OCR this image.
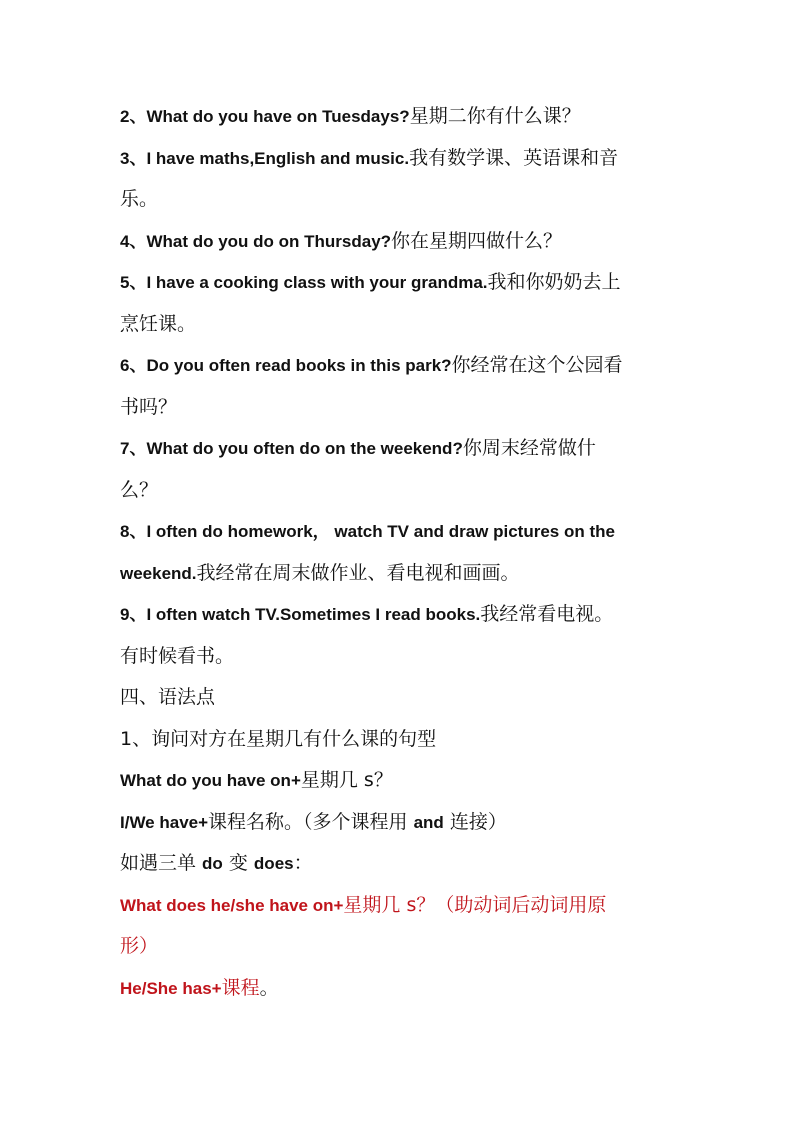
2、What do you have on Tuesdays?星期二你有什么课？
3、I have maths,English and music.我有数学课、英语课和音
乐。
4、What do you do on Thursday?你在星期四做什么？
5、I have a cooking class with your grandma.我和你奶奶去上
烹饪课。
6、Do you often read books in this park?你经常在这个公园看
书吗？
7、What do you often do on the weekend?你周末经常做什
么？
8、I often do homework， watch TV and draw pictures on the
weekend.我经常在周末做作业、看电视和画画。
9、I often watch TV.Sometimes I read books.我经常看电视。
有时候看书。
四、语法点
1、询问对方在星期几有什么课的句型
What do you have on+星期几 s？
I/We have+课程名称。（多个课程用 and 连接）
如遇三单 do 变 does：
What does he/she have on+星期几 s？（助动词后动词用原
形）
He/She has+课程。
